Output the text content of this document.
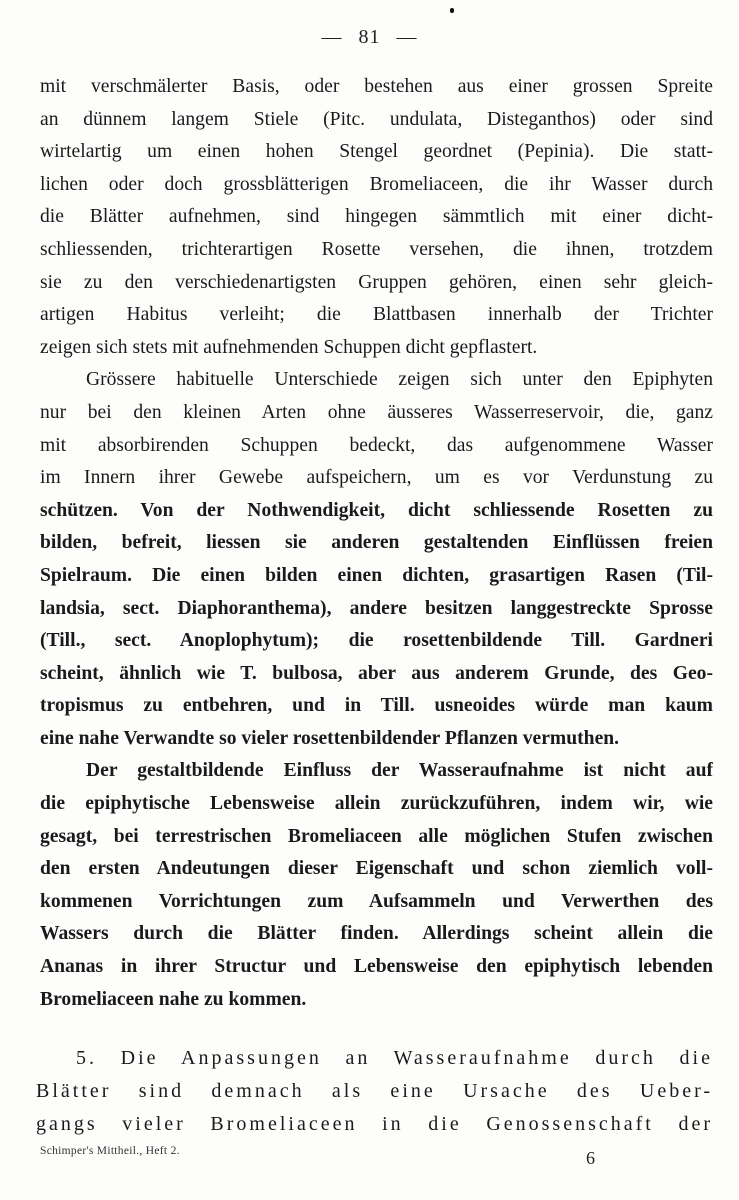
— 81 —
mit verschmälerter Basis, oder bestehen aus einer grossen Spreite
an dünnem langem Stiele (Pitc. undulata, Disteganthos) oder sind
wirtelartig um einen hohen Stengel geordnet (Pepinia). Die statt-
lichen oder doch grossblätterigen Bromeliaceen, die ihr Wasser durch
die Blätter aufnehmen, sind hingegen sämmtlich mit einer dicht-
schliessenden, trichterartigen Rosette versehen, die ihnen, trotzdem
sie zu den verschiedenartigsten Gruppen gehören, einen sehr gleich-
artigen Habitus verleiht; die Blattbasen innerhalb der Trichter
zeigen sich stets mit aufnehmenden Schuppen dicht gepflastert.
Grössere habituelle Unterschiede zeigen sich unter den Epiphyten
nur bei den kleinen Arten ohne äusseres Wasserreservoir, die, ganz
mit absorbirenden Schuppen bedeckt, das aufgenommene Wasser
im Innern ihrer Gewebe aufspeichern, um es vor Verdunstung zu
schützen. Von der Nothwendigkeit, dicht schliessende Rosetten zu
bilden, befreit, liessen sie anderen gestaltenden Einflüssen freien
Spielraum. Die einen bilden einen dichten, grasartigen Rasen (Til-
landsia, sect. Diaphoranthema), andere besitzen langgestreckte Sprosse
(Till., sect. Anoplophytum); die rosettenbildende Till. Gardneri
scheint, ähnlich wie T. bulbosa, aber aus anderem Grunde, des Geo-
tropismus zu entbehren, und in Till. usneoides würde man kaum
eine nahe Verwandte so vieler rosettenbildender Pflanzen vermuthen.
Der gestaltbildende Einfluss der Wasseraufnahme ist nicht auf
die epiphytische Lebensweise allein zurückzuführen, indem wir, wie
gesagt, bei terrestrischen Bromeliaceen alle möglichen Stufen zwischen
den ersten Andeutungen dieser Eigenschaft und schon ziemlich voll-
kommenen Vorrichtungen zum Aufsammeln und Verwerthen des
Wassers durch die Blätter finden. Allerdings scheint allein die
Ananas in ihrer Structur und Lebensweise den epiphytisch lebenden
Bromeliaceen nahe zu kommen.
5. Die Anpassungen an Wasseraufnahme durch die
Blätter sind demnach als eine Ursache des Ueber-
gangs vieler Bromeliaceen in die Genossenschaft der
Schimper's Mittheil., Heft 2.	6
